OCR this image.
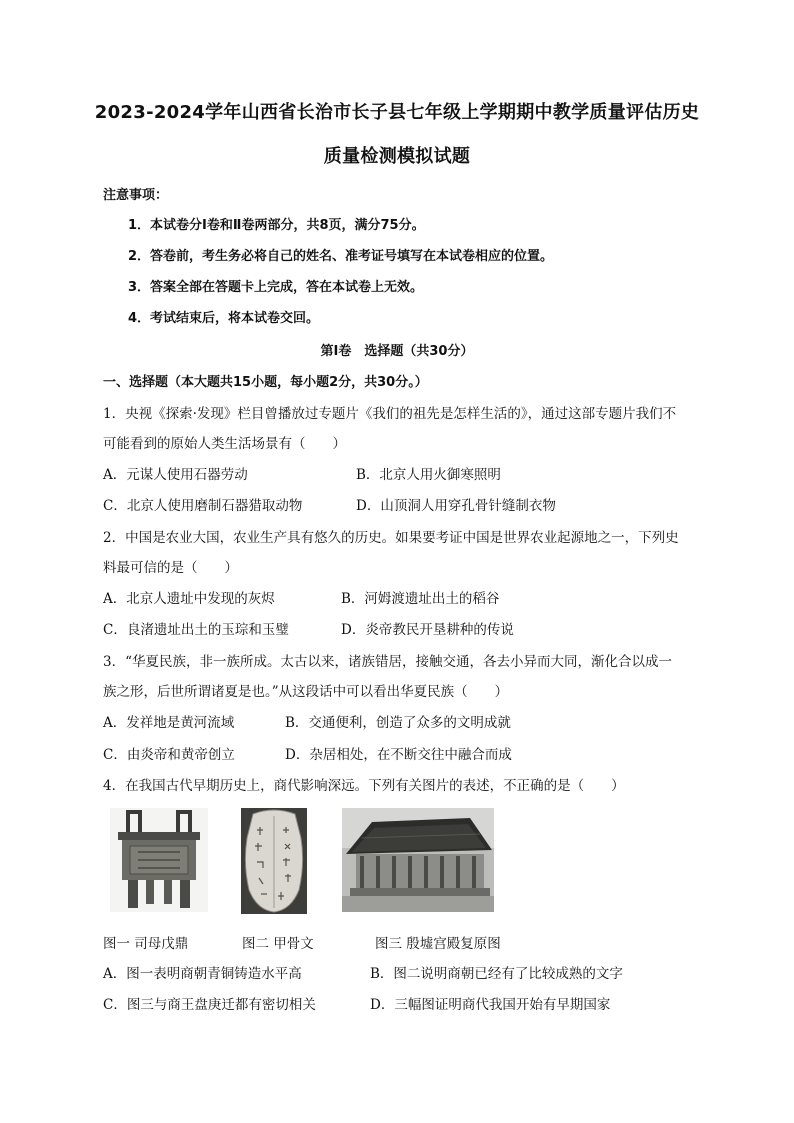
2023-2024学年山西省长治市长子县七年级上学期期中教学质量评估历史
质量检测模拟试题
注意事项：
1．本试卷分Ⅰ卷和Ⅱ卷两部分，共8页，满分75分。
2．答卷前，考生务必将自己的姓名、准考证号填写在本试卷相应的位置。
3．答案全部在答题卡上完成，答在本试卷上无效。
4．考试结束后，将本试卷交回。
第Ⅰ卷　选择题（共30分）
一、选择题（本大题共15小题，每小题2分，共30分。）
1．央视《探索·发现》栏目曾播放过专题片《我们的祖先是怎样生活的》，通过这部专题片我们不
可能看到的原始人类生活场景有（　　）
A．元谋人使用石器劳动	B．北京人用火御寒照明
C．北京人使用磨制石器猎取动物	D．山顶洞人用穿孔骨针缝制衣物
2．中国是农业大国，农业生产具有悠久的历史。如果要考证中国是世界农业起源地之一，下列史
料最可信的是（　　）
A．北京人遗址中发现的灰烬	B．河姆渡遗址出土的稻谷
C．良渚遗址出土的玉琮和玉璧	D．炎帝教民开垦耕种的传说
3．“华夏民族，非一族所成。太古以来，诸族错居，接触交通，各去小异而大同，渐化合以成一
族之形，后世所谓诸夏是也。”从这段话中可以看出华夏民族（　　）
A．发祥地是黄河流域	B．交通便利，创造了众多的文明成就
C．由炎帝和黄帝创立	D．杂居相处，在不断交往中融合而成
4．在我国古代早期历史上，商代影响深远。下列有关图片的表述，不正确的是（　　）
图一 司母戊鼎	图二 甲骨文	图三 殷墟宫殿复原图
A．图一表明商朝青铜铸造水平高	B．图二说明商朝已经有了比较成熟的文字
C．图三与商王盘庚迁都有密切相关	D．三幅图证明商代我国开始有早期国家
